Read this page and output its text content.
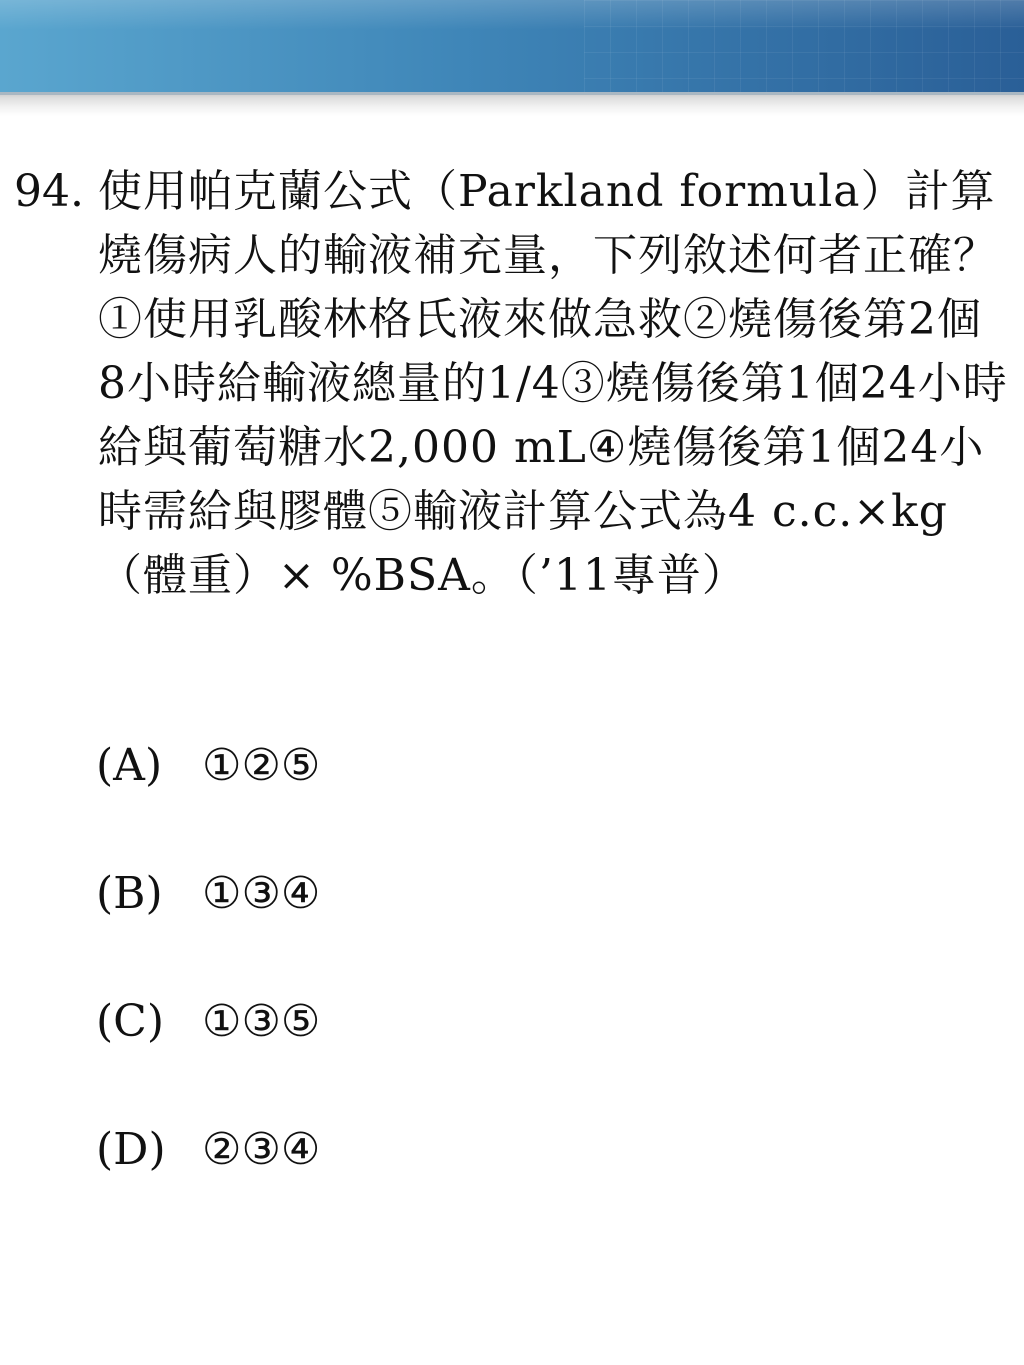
94. 使用帕克蘭公式（Parkland formula）計算燒傷病人的輸液補充量，下列敘述何者正確？①使用乳酸林格氏液來做急救②燒傷後第2個8小時給輸液總量的1/4③燒傷後第1個24小時給與葡萄糖水2,000 mL④燒傷後第1個24小時需給與膠體⑤輸液計算公式為4 c.c.×kg（體重）× %BSA。（’11專普）
(A) ①②⑤
(B) ①③④
(C) ①③⑤
(D) ②③④
